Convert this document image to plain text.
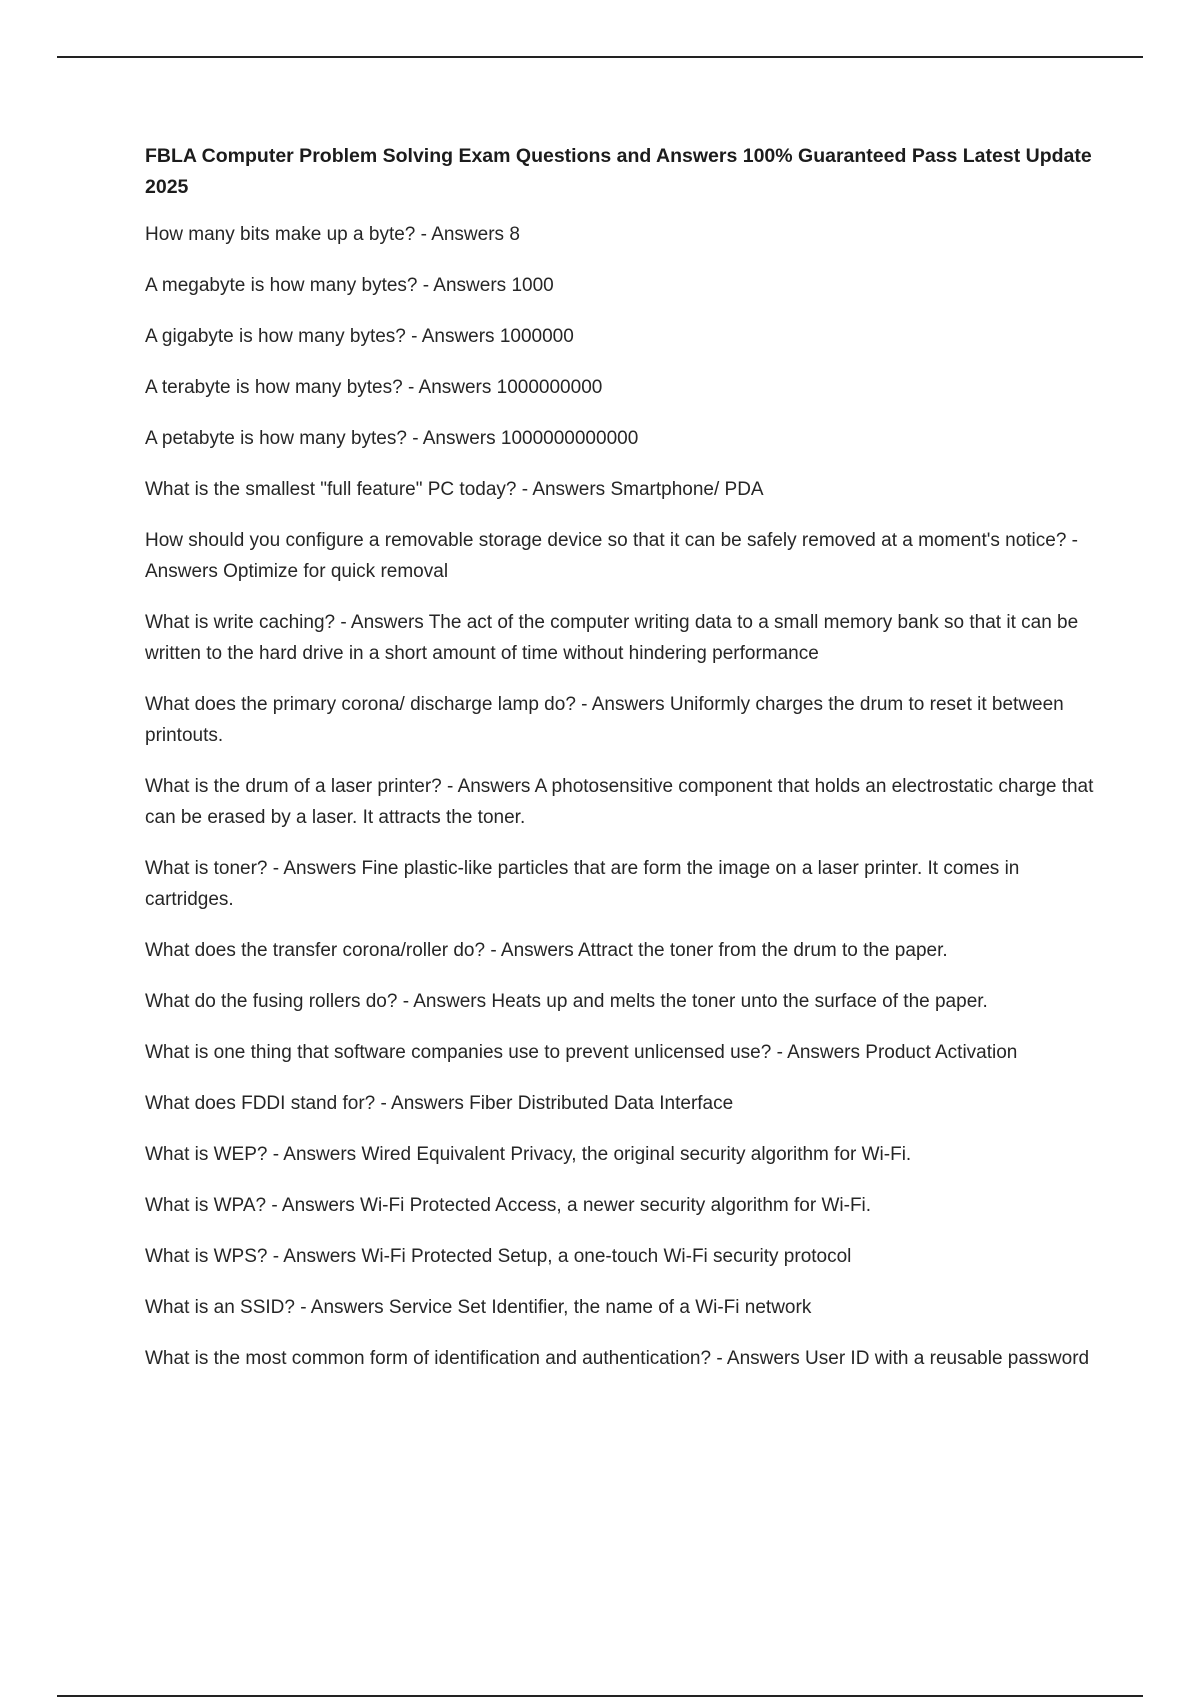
FBLA Computer Problem Solving Exam Questions and Answers 100% Guaranteed Pass Latest Update 2025
How many bits make up a byte? - Answers 8
A megabyte is how many bytes? - Answers 1000
A gigabyte is how many bytes? - Answers 1000000
A terabyte is how many bytes? - Answers 1000000000
A petabyte is how many bytes? - Answers 1000000000000
What is the smallest "full feature" PC today? - Answers Smartphone/ PDA
How should you configure a removable storage device so that it can be safely removed at a moment's notice? - Answers Optimize for quick removal
What is write caching? - Answers The act of the computer writing data to a small memory bank so that it can be written to the hard drive in a short amount of time without hindering performance
What does the primary corona/ discharge lamp do? - Answers Uniformly charges the drum to reset it between printouts.
What is the drum of a laser printer? - Answers A photosensitive component that holds an electrostatic charge that can be erased by a laser. It attracts the toner.
What is toner? - Answers Fine plastic-like particles that are form the image on a laser printer. It comes in cartridges.
What does the transfer corona/roller do? - Answers Attract the toner from the drum to the paper.
What do the fusing rollers do? - Answers Heats up and melts the toner unto the surface of the paper.
What is one thing that software companies use to prevent unlicensed use? - Answers Product Activation
What does FDDI stand for? - Answers Fiber Distributed Data Interface
What is WEP? - Answers Wired Equivalent Privacy, the original security algorithm for Wi-Fi.
What is WPA? - Answers Wi-Fi Protected Access, a newer security algorithm for Wi-Fi.
What is WPS? - Answers Wi-Fi Protected Setup, a one-touch Wi-Fi security protocol
What is an SSID? - Answers Service Set Identifier, the name of a Wi-Fi network
What is the most common form of identification and authentication? - Answers User ID with a reusable password
